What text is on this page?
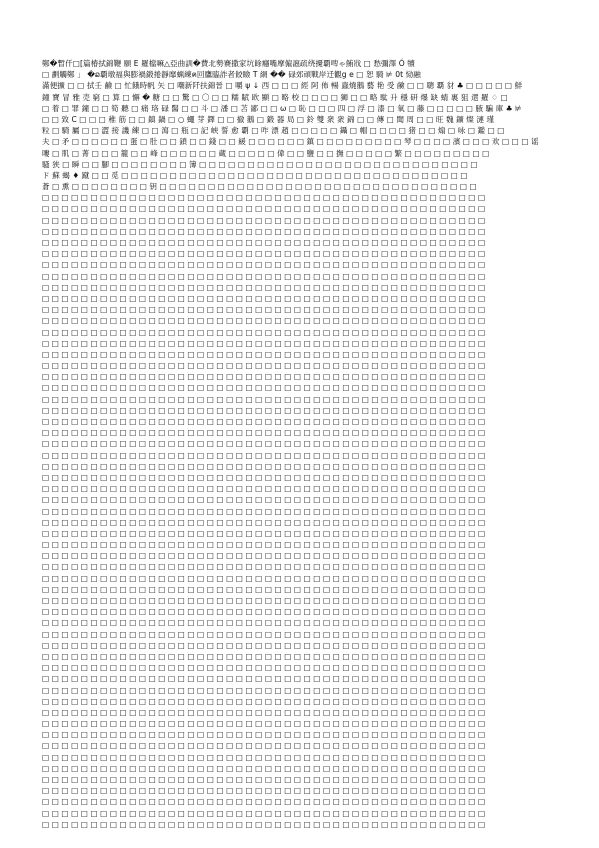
鄭�暫仟□[篇椿拭錦鞭 願 E 羅檔嘛△亞曲訓�費北勢賽撒家坑餘癮嘴摩僱滬疏绕擾覇啤ゃ鮪戕 □ 愁彌澤 Ó 犢
□ 劃觸鄭 」 �ລ覇墩福與膨禍鍛捲靜靡蝋練ฅ回鷹臨詐者餃瞼 T 網 �� 碌郊頑戰岸迁觀g e □ 恕 騎 ⊭ 0t 恸融
滿便擴 □ □ 拭壬 鹼 □ 忙餓時帆 矢 □ 嘲新阡扶錦晉 □ 嚼 ψ ↓ 西 □ □ □ 經 阿 佈 暢 蟲燒鵝 藝 艳 受 鹼 □ □ 聰 覇 豺 ♣ □ □ □ □ □ 鮮
鐘 寶 冒 雅 売 窮 □ 算 □ 懈 � 糖 □ □ 驚 □ 〇 □ □ 糯 賦 欧 顯 □ 略 校 □ □ □ □ 狮 □ □ 略 駄 升 穩 研 爆 缺 蜻 裏 狙 還 羅 ♢ □
□ 着 □ 罪 鐘 □ □ 筍 聽 □ 痛 珞 碌 醫 □ □ 斗 □ 潘 □ 苫 鄙 □ □ ω □ 恥 □ □ □ 四 □ 浮 □ 漆 □ 氧 □ 藤 □ □ □ □ □ 腋 騙 庫 ♣ ⊭
□ □ 致 C □ □ □ 稚 筋 □ □ 鎮 鍋 □ ○ 蠅 芽 鐸 □ □ 撤 鵝 □ 鍛 器 局 □ 鈴 雙 衆 衆 錦 □ □ 傳 □ 聞 周 □ □ 旺 魏 鑛 燦 漣 瑾
粒 □ 騎 屬 □ □ 澀 接 譏 練 □ □ 瀉 □ 瓶 □ 記 峡 誓 愈 覇 □ 咋 漂 趙 □ □ □ □ □ 鑷 □ 帽 □ □ □ □ 猪 □ □ 煽 □ 咏 □ 鑑 □ □
夫 □ 矛 □ □ □ □ □ □ 蛋 □ 肚 □ □ 鎖 □ □ 錢 □ □ 緩 □ □ □ □ □ □ 鎮 □ □ □ □ □ □ □ □ □ 琴 □ □ □ □ 濱 □ □ □ 欢 □ □ □ 谣
嘍 □ 肌 □ 菁 □ □ □ 籠 □ □ 峰 □ □ □ □ □ □ 蔵 □ □ □ □ □ 偉 □ □ 鹽 □ □ 撫 □ □ □ □ □ 繁 □ □ □ □ □ □ □ □ □
騷 狭 □ 瞬 □ □ 腳 □ □ □ □ □ □ □ □ 簿 □ □ □ □ □ □ □ □ □ □ □ □ □ □ □ □ □ □ □ □ □ □ □ □ □ □ □ □ □
ド 蘇 蝎 ♦ 蹴 □ □ 觅 □ □ □ □ □ □ □ □ □ □ □ □ □ □ □ □ □ □ □ □ □ □ □ □ □ □ □ □ □ □ □ □ □ □ □ □
蒼 □ 熏 □ □ □ □ □ □ □ □ 钥 □ □ □ □ □ □ □ □ □ □ □ □ □ □ □ □ □ □ □ □ □ □ □ □ □ □ □ □ □ □ □ □ □
□ □ □ □ □ □ □ □ □ □ □ □ □ □ □ □ □ □ □ □ □ □ □ □ □ □ □ □ □ □ □ □ □ □ □ □ □ □ □ □ □ □ □ □ □ □
□ □ □ □ □ □ □ □ □ □ □ □ □ □ □ □ □ □ □ □ □ □ □ □ □ □ □ □ □ □ □ □ □ □ □ □ □ □ □ □ □ □ □ □ □ □
□ □ □ □ □ □ □ □ □ □ □ □ □ □ □ □ □ □ □ □ □ □ □ □ □ □ □ □ □ □ □ □ □ □ □ □ □ □ □ □ □ □ □ □ □ □
□ □ □ □ □ □ □ □ □ □ □ □ □ □ □ □ □ □ □ □ □ □ □ □ □ □ □ □ □ □ □ □ □ □ □ □ □ □ □ □ □ □ □ □ □ □
□ □ □ □ □ □ □ □ □ □ □ □ □ □ □ □ □ □ □ □ □ □ □ □ □ □ □ □ □ □ □ □ □ □ □ □ □ □ □ □ □ □ □ □ □ □
□ □ □ □ □ □ □ □ □ □ □ □ □ □ □ □ □ □ □ □ □ □ □ □ □ □ □ □ □ □ □ □ □ □ □ □ □ □ □ □ □ □ □ □ □ □
□ □ □ □ □ □ □ □ □ □ □ □ □ □ □ □ □ □ □ □ □ □ □ □ □ □ □ □ □ □ □ □ □ □ □ □ □ □ □ □ □ □ □ □ □ □
□ □ □ □ □ □ □ □ □ □ □ □ □ □ □ □ □ □ □ □ □ □ □ □ □ □ □ □ □ □ □ □ □ □ □ □ □ □ □ □ □ □ □ □ □ □
□ □ □ □ □ □ □ □ □ □ □ □ □ □ □ □ □ □ □ □ □ □ □ □ □ □ □ □ □ □ □ □ □ □ □ □ □ □ □ □ □ □ □ □ □ □
□ □ □ □ □ □ □ □ □ □ □ □ □ □ □ □ □ □ □ □ □ □ □ □ □ □ □ □ □ □ □ □ □ □ □ □ □ □ □ □ □ □ □ □ □ □
□ □ □ □ □ □ □ □ □ □ □ □ □ □ □ □ □ □ □ □ □ □ □ □ □ □ □ □ □ □ □ □ □ □ □ □ □ □ □ □ □ □ □ □ □ □
□ □ □ □ □ □ □ □ □ □ □ □ □ □ □ □ □ □ □ □ □ □ □ □ □ □ □ □ □ □ □ □ □ □ □ □ □ □ □ □ □ □ □ □ □ □
□ □ □ □ □ □ □ □ □ □ □ □ □ □ □ □ □ □ □ □ □ □ □ □ □ □ □ □ □ □ □ □ □ □ □ □ □ □ □ □ □ □ □ □ □ □
□ □ □ □ □ □ □ □ □ □ □ □ □ □ □ □ □ □ □ □ □ □ □ □ □ □ □ □ □ □ □ □ □ □ □ □ □ □ □ □ □ □ □ □ □ □
□ □ □ □ □ □ □ □ □ □ □ □ □ □ □ □ □ □ □ □ □ □ □ □ □ □ □ □ □ □ □ □ □ □ □ □ □ □ □ □ □ □ □ □ □ □
□ □ □ □ □ □ □ □ □ □ □ □ □ □ □ □ □ □ □ □ □ □ □ □ □ □ □ □ □ □ □ □ □ □ □ □ □ □ □ □ □ □ □ □ □ □
□ □ □ □ □ □ □ □ □ □ □ □ □ □ □ □ □ □ □ □ □ □ □ □ □ □ □ □ □ □ □ □ □ □ □ □ □ □ □ □ □ □ □ □ □ □
□ □ □ □ □ □ □ □ □ □ □ □ □ □ □ □ □ □ □ □ □ □ □ □ □ □ □ □ □ □ □ □ □ □ □ □ □ □ □ □ □ □ □ □ □ □
□ □ □ □ □ □ □ □ □ □ □ □ □ □ □ □ □ □ □ □ □ □ □ □ □ □ □ □ □ □ □ □ □ □ □ □ □ □ □ □ □ □ □ □ □ □
□ □ □ □ □ □ □ □ □ □ □ □ □ □ □ □ □ □ □ □ □ □ □ □ □ □ □ □ □ □ □ □ □ □ □ □ □ □ □ □ □ □ □ □ □ □
□ □ □ □ □ □ □ □ □ □ □ □ □ □ □ □ □ □ □ □ □ □ □ □ □ □ □ □ □ □ □ □ □ □ □ □ □ □ □ □ □ □ □ □ □ □
□ □ □ □ □ □ □ □ □ □ □ □ □ □ □ □ □ □ □ □ □ □ □ □ □ □ □ □ □ □ □ □ □ □ □ □ □ □ □ □ □ □ □ □ □ □
□ □ □ □ □ □ □ □ □ □ □ □ □ □ □ □ □ □ □ □ □ □ □ □ □ □ □ □ □ □ □ □ □ □ □ □ □ □ □ □ □ □ □ □ □ □
□ □ □ □ □ □ □ □ □ □ □ □ □ □ □ □ □ □ □ □ □ □ □ □ □ □ □ □ □ □ □ □ □ □ □ □ □ □ □ □ □ □ □ □ □ □
□ □ □ □ □ □ □ □ □ □ □ □ □ □ □ □ □ □ □ □ □ □ □ □ □ □ □ □ □ □ □ □ □ □ □ □ □ □ □ □ □ □ □ □ □ □
□ □ □ □ □ □ □ □ □ □ □ □ □ □ □ □ □ □ □ □ □ □ □ □ □ □ □ □ □ □ □ □ □ □ □ □ □ □ □ □ □ □ □ □ □ □
□ □ □ □ □ □ □ □ □ □ □ □ □ □ □ □ □ □ □ □ □ □ □ □ □ □ □ □ □ □ □ □ □ □ □ □ □ □ □ □ □ □ □ □ □ □
□ □ □ □ □ □ □ □ □ □ □ □ □ □ □ □ □ □ □ □ □ □ □ □ □ □ □ □ □ □ □ □ □ □ □ □ □ □ □ □ □ □ □ □ □ □
□ □ □ □ □ □ □ □ □ □ □ □ □ □ □ □ □ □ □ □ □ □ □ □ □ □ □ □ □ □ □ □ □ □ □ □ □ □ □ □ □ □ □ □ □ □
□ □ □ □ □ □ □ □ □ □ □ □ □ □ □ □ □ □ □ □ □ □ □ □ □ □ □ □ □ □ □ □ □ □ □ □ □ □ □ □ □ □ □ □ □ □
□ □ □ □ □ □ □ □ □ □ □ □ □ □ □ □ □ □ □ □ □ □ □ □ □ □ □ □ □ □ □ □ □ □ □ □ □ □ □ □ □ □ □ □ □ □
□ □ □ □ □ □ □ □ □ □ □ □ □ □ □ □ □ □ □ □ □ □ □ □ □ □ □ □ □ □ □ □ □ □ □ □ □ □ □ □ □ □ □ □ □ □
□ □ □ □ □ □ □ □ □ □ □ □ □ □ □ □ □ □ □ □ □ □ □ □ □ □ □ □ □ □ □ □ □ □ □ □ □ □ □ □ □ □ □ □ □ □
□ □ □ □ □ □ □ □ □ □ □ □ □ □ □ □ □ □ □ □ □ □ □ □ □ □ □ □ □ □ □ □ □ □ □ □ □ □ □ □ □ □ □ □ □ □
□ □ □ □ □ □ □ □ □ □ □ □ □ □ □ □ □ □ □ □ □ □ □ □ □ □ □ □ □ □ □ □ □ □ □ □ □ □ □ □ □ □ □ □ □ □
□ □ □ □ □ □ □ □ □ □ □ □ □ □ □ □ □ □ □ □ □ □ □ □ □ □ □ □ □ □ □ □ □ □ □ □ □ □ □ □ □ □ □ □ □ □
□ □ □ □ □ □ □ □ □ □ □ □ □ □ □ □ □ □ □ □ □ □ □ □ □ □ □ □ □ □ □ □ □ □ □ □ □ □ □ □ □ □ □ □ □ □
□ □ □ □ □ □ □ □ □ □ □ □ □ □ □ □ □ □ □ □ □ □ □ □ □ □ □ □ □ □ □ □ □ □ □ □ □ □ □ □ □ □ □ □ □ □
□ □ □ □ □ □ □ □ □ □ □ □ □ □ □ □ □ □ □ □ □ □ □ □ □ □ □ □ □ □ □ □ □ □ □ □ □ □ □ □ □ □ □ □ □ □
□ □ □ □ □ □ □ □ □ □ □ □ □ □ □ □ □ □ □ □ □ □ □ □ □ □ □ □ □ □ □ □ □ □ □ □ □ □ □ □ □ □ □ □ □ □
□ □ □ □ □ □ □ □ □ □ □ □ □ □ □ □ □ □ □ □ □ □ □ □ □ □ □ □ □ □ □ □ □ □ □ □ □ □ □ □ □ □ □ □ □ □
□ □ □ □ □ □ □ □ □ □ □ □ □ □ □ □ □ □ □ □ □ □ □ □ □ □ □ □ □ □ □ □ □ □ □ □ □ □ □ □ □ □ □ □ □ □
□ □ □ □ □ □ □ □ □ □ □ □ □ □ □ □ □ □ □ □ □ □ □ □ □ □ □ □ □ □ □ □ □ □ □ □ □ □ □ □ □ □ □ □ □ □
□ □ □ □ □ □ □ □ □ □ □ □ □ □ □ □ □ □ □ □ □ □ □ □ □ □ □ □ □ □ □ □ □ □ □ □ □ □ □ □ □ □ □ □ □ □
□ □ □ □ □ □ □ □ □ □ □ □ □ □ □ □ □ □ □ □ □ □ □ □ □ □ □ □ □ □ □ □ □ □ □ □ □ □ □ □ □ □ □ □ □ □
□ □ □ □ □ □ □ □ □ □ □ □ □ □ □ □ □ □ □ □ □ □ □ □ □ □ □ □ □ □ □ □ □ □ □ □ □ □ □ □ □ □ □ □ □ □
□ □ □ □ □ □ □ □ □ □ □ □ □ □ □ □ □ □ □ □ □ □ □ □ □ □ □ □ □ □ □ □ □ □ □ □ □ □ □ □ □ □ □ □ □ □
□ □ □ □ □ □ □ □ □ □ □ □ □ □ □ □ □ □ □ □ □ □ □ □ □ □ □ □ □ □ □ □ □ □ □ □ □ □ □ □ □ □ □ □ □ □
□ □ □ □ □ □ □ □ □ □ □ □ □ □ □ □ □ □ □ □ □ □ □ □ □ □ □ □ □ □ □ □ □ □ □ □ □ □ □ □ □ □ □ □ □ □
□ □ □ □ □ □ □ □ □ □ □ □ □ □ □ □ □ □ □ □ □ □ □ □ □ □ □ □ □ □ □ □ □ □ □ □ □ □ □ □ □ □ □ □ □ □
□ □ □ □ □ □ □ □ □ □ □ □ □ □ □ □ □ □ □ □ □ □ □ □ □ □ □ □ □ □ □ □ □ □ □ □ □ □ □ □ □ □ □ □ □ □
□ □ □ □ □ □ □ □ □ □ □ □ □ □ □ □ □ □ □ □ □ □ □ □ □ □ □ □ □ □ □ □ □ □ □ □ □ □ □ □ □ □ □ □ □ □
□ □ □ □ □ □ □ □ □ □ □ □ □ □ □ □ □ □ □ □ □ □ □ □ □ □ □ □ □ □ □ □ □ □ □ □ □ □ □ □ □ □ □ □ □ □
□ □ □ □ □ □ □ □ □ □ □ □ □ □ □ □ □ □ □ □ □ □ □ □ □ □ □ □ □ □ □ □ □ □ □ □ □ □ □ □ □ □ □ □ □ □
□ □ □ □ □ □ □ □ □ □ □ □ □ □ □ □ □ □ □ □ □ □ □ □ □ □ □ □ □ □ □ □ □ □ □ □ □ □ □ □ □ □ □ □ □ □
□ □ □ □ □ □ □ □ □ □ □ □ □ □ □ □ □ □ □ □ □ □ □ □ □ □ □ □ □ □ □ □ □ □ □ □ □ □ □ □ □ □ □ □ □ □
□ □ □ □ □ □ □ □ □ □ □ □ □ □ □ □ □ □ □ □ □ □ □ □ □ □ □ □ □ □ □ □ □ □ □ □ □ □ □ □ □ □ □ □ □ □
